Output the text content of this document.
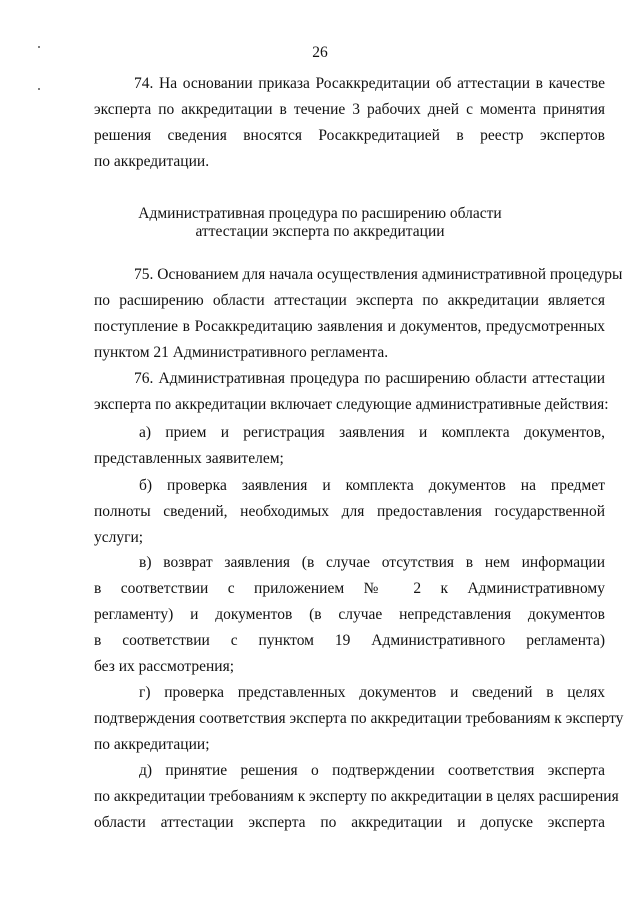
26
74. На основании приказа Росаккредитации об аттестации в качестве
эксперта по аккредитации в течение 3 рабочих дней с момента принятия
решения сведения вносятся Росаккредитацией в реестр экспертов
по аккредитации.
Административная процедура по расширению области
аттестации эксперта по аккредитации
75. Основанием для начала осуществления административной процедуры
по расширению области аттестации эксперта по аккредитации является
поступление в Росаккредитацию заявления и документов, предусмотренных
пунктом 21 Административного регламента.
76. Административная процедура по расширению области аттестации
эксперта по аккредитации включает следующие административные действия:
а) прием и регистрация заявления и комплекта документов,
представленных заявителем;
б) проверка заявления и комплекта документов на предмет
полноты сведений, необходимых для предоставления государственной
услуги;
в) возврат заявления (в случае отсутствия в нем информации
в соответствии с приложением № 2 к Административному
регламенту) и документов (в случае непредставления документов
в соответствии с пунктом 19 Административного регламента)
без их рассмотрения;
г) проверка представленных документов и сведений в целях
подтверждения соответствия эксперта по аккредитации требованиям к эксперту
по аккредитации;
д) принятие решения о подтверждении соответствия эксперта
по аккредитации требованиям к эксперту по аккредитации в целях расширения
области аттестации эксперта по аккредитации и допуске эксперта
